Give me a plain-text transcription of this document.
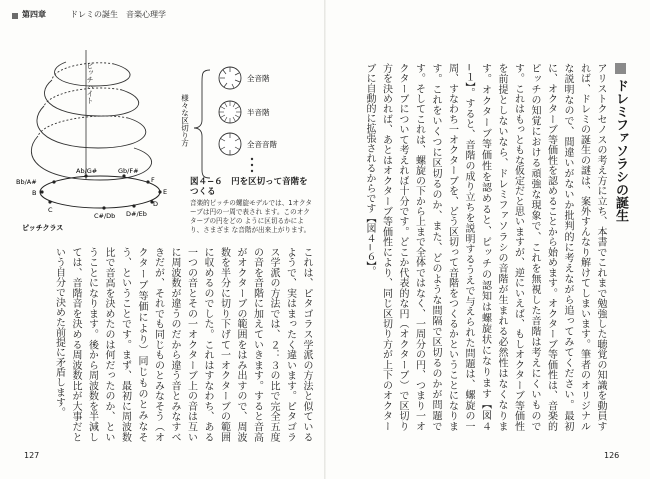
第四章	ドレミの誕生　音楽心理学
ピッチハイト
Ab/G#	Gb/F#
Bb/A#	F
E
B
C
C#/Db
D
D#/Eb
ピッチクラス
様々な区切り方
全音階
半音階
全音音階
図４−６　円を区切って音階をつくる
音楽的ピッチの螺旋モデルでは、1オクターブは円の一周で表され ます。このオクターブの円をどの ように区切るかにより、さまざま な音階が出来上がります。
これは、ピタゴラス学派の方法と似ているようで、実はまったく違います。ピタゴラス学派の方法では、２：３の比で完全五度の音を音階に加えていきます。すると音高がオクターブの範囲をはみ出すので、周波数を半分に切り下げて一オクターブの範囲に収めるのでした。これはすなわち、ある一つの音とその一オクターブ上の音は互いに周波数が違うのだから違う音とみなすべきだが、それでも同じものとみなそう（オクターブ等価により）同じものとみなそう、ということです。まず、最初に周波数比で音高を決めたのは何だったのか、ということになります。後から周波数を半減しては、音階音を決める周波数比が大事だという自分で決めた前提に矛盾します。
127
ドレミファソラシの誕生
アリストクセノスの考え方に立ち、本書でこれまで勉強した聴覚の知識を動員すれば、ドレミの誕生の謎は、案外すんなり解けてしまいます。筆者のオリジナルな説明なので、間違いがないか批判的に考えながら追ってみてください。最初に、オクターブ等価性を認めることから始めます。オクターブ等価性は、音楽的ピッチの知覚における頑強な現象で、これを無視した音階は考えにくいものです。これはもっともな仮定だと思いますが、逆にいえば、もしオクターブ等価性を前提としないなら、ドレミファソラシの音階が生まれる必然性はなくなります。オクターブ等価性を認めると、ピッチの認知は螺旋状になります【図４−１】。すると、音階の成り立ちを説明するうえで与えられた問題は、螺旋の一周、すなわち一オクターブを、どう区切って音階をつくるかということになります。これをいくつに区切るのか、また、どのような間隔で区切るのかが問題です。そしてこれは、螺旋の下から上まで全体ではなく、一周分の円、つまり一オクターブについて考えれば十分です。どこか代表的な円（オクターブ）で区切り方を決めれば、あとはオクターブ等価性により、同じ区切り方が上下のオクターブに自動的に拡張されるからです【図４−６】。
126
